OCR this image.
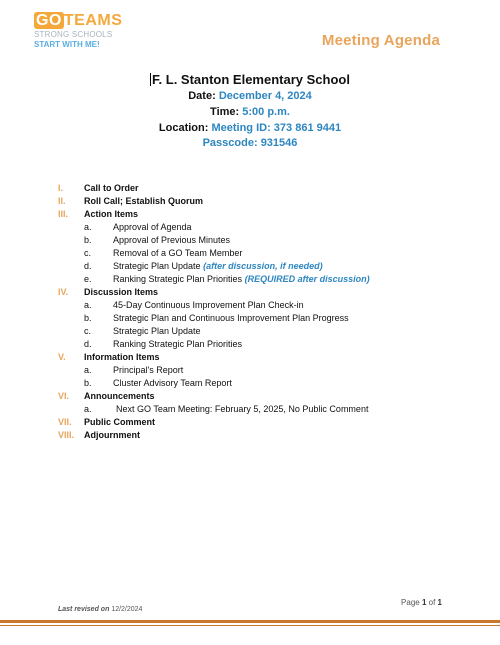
GO TEAMS
STRONG SCHOOLS
START WITH ME!	Meeting Agenda
F. L. Stanton Elementary School
Date: December 4, 2024
Time: 5:00 p.m.
Location: Meeting ID: 373 861 9441
Passcode: 931546
I. Call to Order
II. Roll Call; Establish Quorum
III. Action Items
a. Approval of Agenda
b. Approval of Previous Minutes
c. Removal of a GO Team Member
d. Strategic Plan Update (after discussion, if needed)
e. Ranking Strategic Plan Priorities (REQUIRED after discussion)
IV. Discussion Items
a. 45-Day Continuous Improvement Plan Check-in
b. Strategic Plan and Continuous Improvement Plan Progress
c. Strategic Plan Update
d. Ranking Strategic Plan Priorities
V. Information Items
a. Principal's Report
b. Cluster Advisory Team Report
VI. Announcements
a.	Next GO Team Meeting: February 5, 2025, No Public Comment
VII. Public Comment
VIII. Adjournment
Page 1 of 1
Last revised on 12/2/2024
